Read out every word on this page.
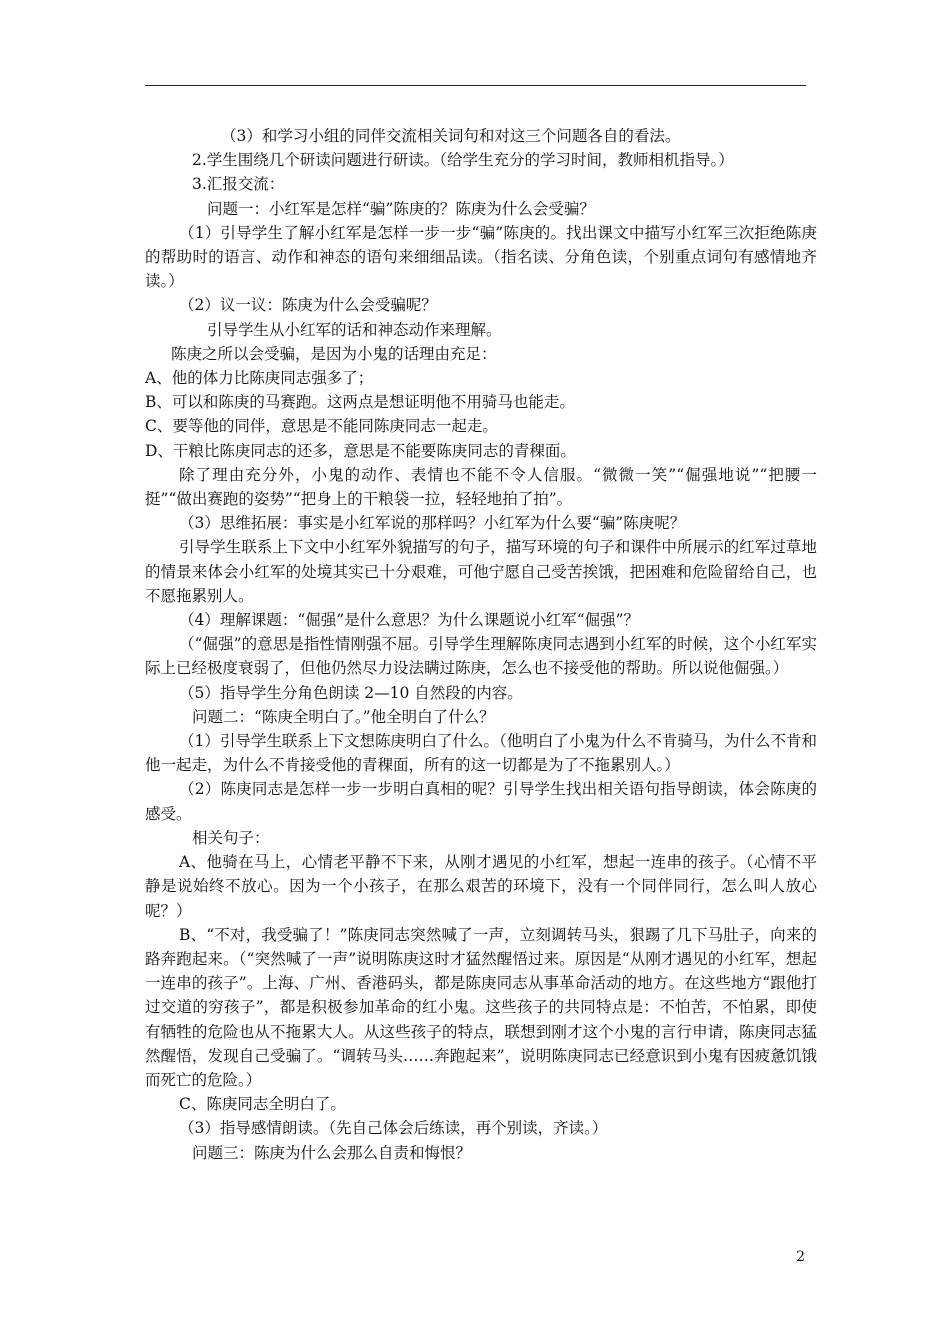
（3）和学习小组的同伴交流相关词句和对这三个问题各自的看法。

2.学生围绕几个研读问题进行研读。（给学生充分的学习时间，教师相机指导。）

3.汇报交流：

问题一：小红军是怎样“骗”陈庚的？陈庚为什么会受骗？

（1）引导学生了解小红军是怎样一步一步“骗”陈庚的。找出课文中描写小红军三次拒绝陈庚的帮助时的语言、动作和神态的语句来细细品读。（指名读、分角色读，个别重点词句有感情地齐读。）

（2）议一议：陈庚为什么会受骗呢？

引导学生从小红军的话和神态动作来理解。

陈庚之所以会受骗，是因为小鬼的话理由充足：

A、他的体力比陈庚同志强多了；

B、可以和陈庚的马赛跑。这两点是想证明他不用骑马也能走。

C、要等他的同伴，意思是不能同陈庚同志一起走。

D、干粮比陈庚同志的还多，意思是不能要陈庚同志的青稞面。

除了理由充分外，小鬼的动作、表情也不能不令人信服。“微微一笑”“倔强地说”“把腰一挺”“做出赛跑的姿势”“把身上的干粮袋一拉，轻轻地拍了拍”。

（3）思维拓展：事实是小红军说的那样吗？小红军为什么要“骗”陈庚呢？

引导学生联系上下文中小红军外貌描写的句子，描写环境的句子和课件中所展示的红军过草地的情景来体会小红军的处境其实已十分艰难，可他宁愿自己受苦挨饿，把困难和危险留给自己，也不愿拖累别人。

（4）理解课题：“倔强”是什么意思？为什么课题说小红军“倔强”？

（“倔强”的意思是指性情刚强不屈。引导学生理解陈庚同志遇到小红军的时候，这个小红军实际上已经极度衰弱了，但他仍然尽力设法瞒过陈庚，怎么也不接受他的帮助。所以说他倔强。）

（5）指导学生分角色朗读 2—10 自然段的内容。

问题二：“陈庚全明白了。”他全明白了什么？

（1）引导学生联系上下文想陈庚明白了什么。（他明白了小鬼为什么不肯骑马，为什么不肯和他一起走，为什么不肯接受他的青稞面，所有的这一切都是为了不拖累别人。）

（2）陈庚同志是怎样一步一步明白真相的呢？引导学生找出相关语句指导朗读，体会陈庚的感受。

相关句子：

A、他骑在马上，心情老平静不下来，从刚才遇见的小红军，想起一连串的孩子。（心情不平静是说始终不放心。因为一个小孩子，在那么艰苦的环境下，没有一个同伴同行，怎么叫人放心呢？）

B、“不对，我受骗了！”陈庚同志突然喊了一声，立刻调转马头，狠踢了几下马肚子，向来的路奔跑起来。（“突然喊了一声”说明陈庚这时才猛然醒悟过来。原因是“从刚才遇见的小红军，想起一连串的孩子”。上海、广州、香港码头，都是陈庚同志从事革命活动的地方。在这些地方“跟他打过交道的穷孩子”，都是积极参加革命的红小鬼。这些孩子的共同特点是：不怕苦，不怕累，即使有牺牲的危险也从不拖累大人。从这些孩子的特点，联想到刚才这个小鬼的言行申请，陈庚同志猛然醒悟，发现自己受骗了。“调转马头……奔跑起来”，说明陈庚同志已经意识到小鬼有因疲惫饥饿而死亡的危险。）

C、陈庚同志全明白了。

（3）指导感情朗读。（先自己体会后练读，再个别读，齐读。）

问题三：陈庚为什么会那么自责和悔恨？

2
